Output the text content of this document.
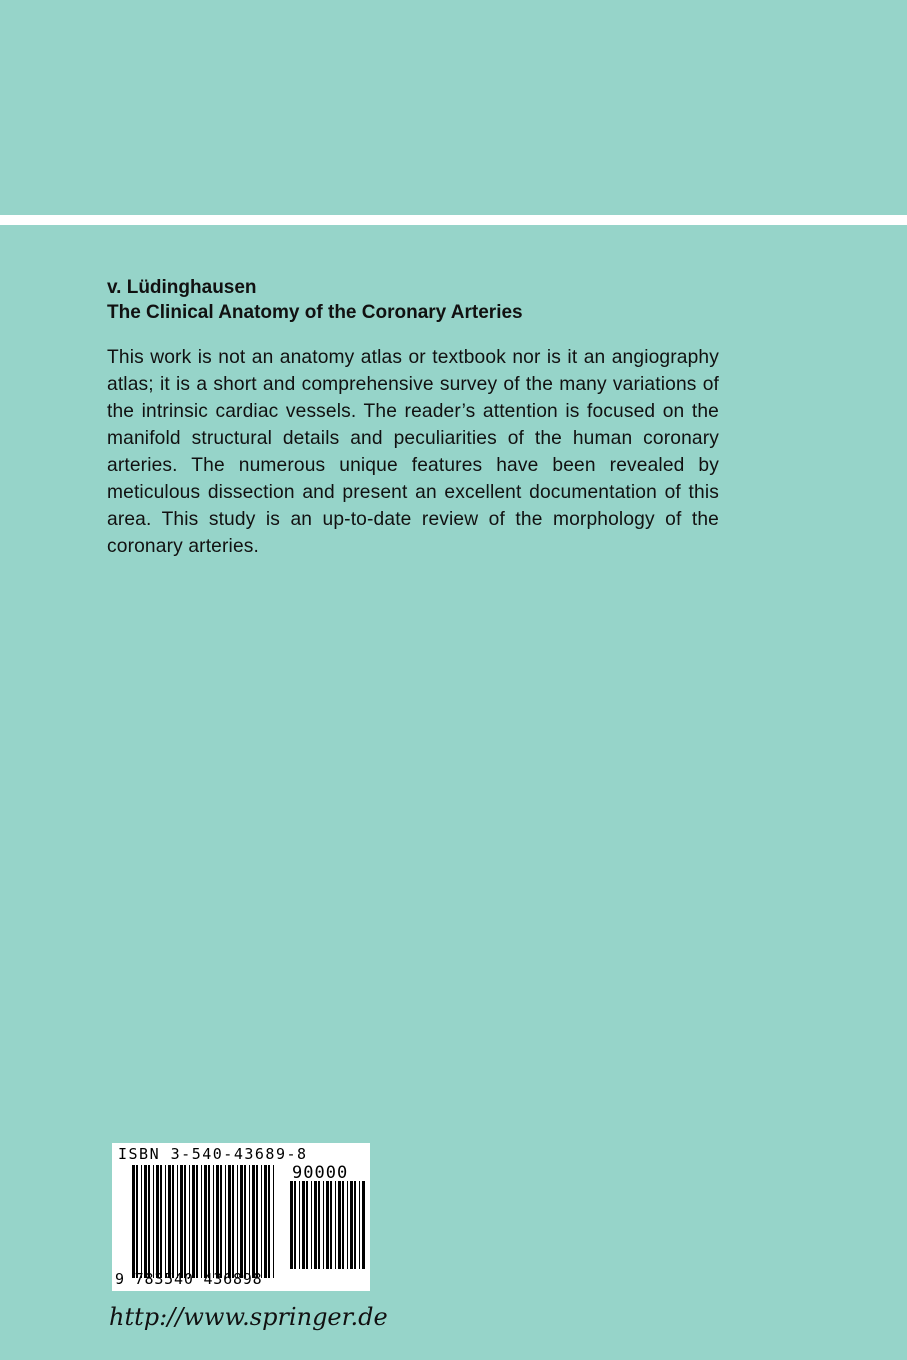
v. Lüdinghausen

The Clinical Anatomy of the Coronary Arteries

This work is not an anatomy atlas or textbook nor is it an angiography atlas; it is a short and comprehensive survey of the many variations of the intrinsic cardiac vessels. The reader’s attention is focused on the manifold structural details and peculiarities of the human coronary arteries. The numerous unique features have been revealed by meticulous dissection and present an excellent documentation of this area. This study is an up-to-date review of the morphology of the coronary arteries.

ISBN 3-540-43689-8
90000
9 783540 436898

http://www.springer.de
